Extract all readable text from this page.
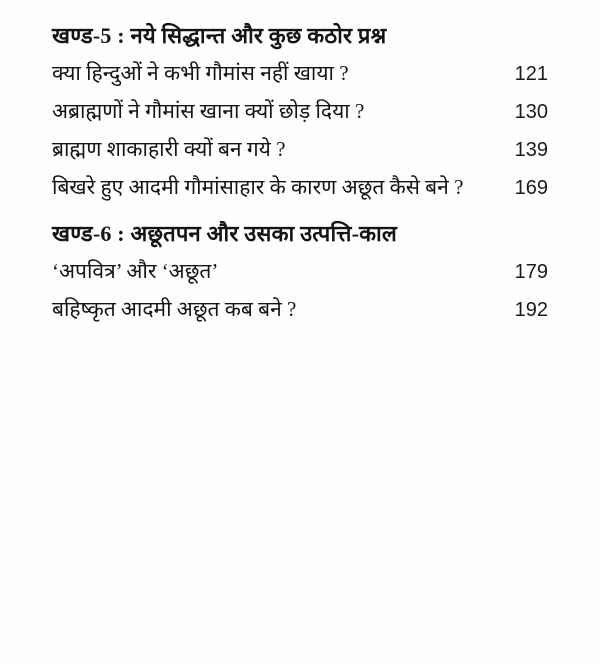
खण्ड-5 : नये सिद्धान्त और कुछ कठोर प्रश्न
क्या हिन्दुओं ने कभी गौमांस नहीं खाया ?	121
अब्राह्मणों ने गौमांस खाना क्यों छोड़ दिया ?	130
ब्राह्मण शाकाहारी क्यों बन गये ?	139
बिखरे हुए आदमी गौमांसाहार के कारण अछूत कैसे बने ?	169
खण्ड-6 : अछूतपन और उसका उत्पत्ति-काल
‘अपवित्र’ और ‘अछूत’	179
बहिष्कृत आदमी अछूत कब बने ?	192
